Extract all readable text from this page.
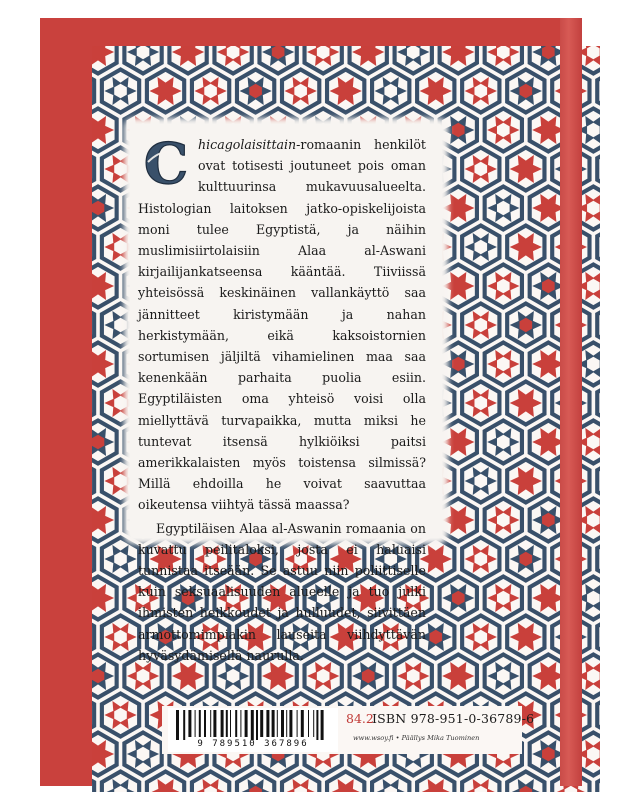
C hicagolaisittain-romaanin henkilöt ovat totisesti joutuneet pois oman kulttuurinsa mukavuusalueelta. Histologian laitoksen jatko-opiskelijoista moni tulee Egyptistä, ja näihin muslimisiirtolaisiin Alaa al-Aswani kirjailijankatseensa kääntää. Tiiviissä yhteisössä keskinäinen vallankäyttö saa jännitteet kiristymään ja nahan herkistymään, eikä kaksoistornien sortumisen jäljiltä vihamielinen maa saa kenenkään parhaita puolia esiin. Egyptiläisten oma yhteisö voisi olla miellyttävä turvapaikka, mutta miksi he tuntevat itsensä hylkiöiksi paitsi amerikkalaisten myös toistensa silmissä? Millä ehdoilla he voivat saavuttaa oikeutensa viihtyä tässä maassa?

Egyptiläisen Alaa al-Aswanin romaania on kuvattu peilitaloksi, josta ei haluaisi tunnistaa itseään. Se astuu niin poliittiselle kuin seksuaalisuuden alueelle ja tuo julki ihmisten heikkoudet ja hulluudet, siivittäen armottomimpiakin lauseita viihdyttävän hyväsydämisellä naurulla.

9 789510 367896
84.2
ISBN 978-951-0-36789-6
www.wsoy.fi • Päällys Mika Tuominen
